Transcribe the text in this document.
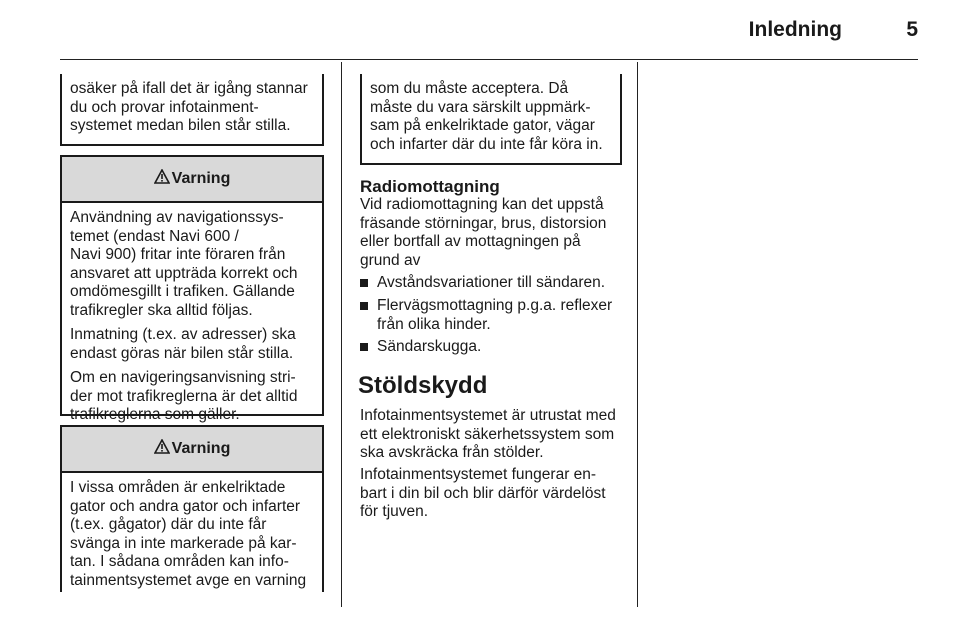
Inledning	5

osäker på ifall det är igång stannar
du och provar infotainment-
systemet medan bilen står stilla.

Varning

Användning av navigationssys-
temet (endast Navi 600 /
Navi 900) fritar inte föraren från
ansvaret att uppträda korrekt och
omdömesgillt i trafiken. Gällande
trafikregler ska alltid följas.

Inmatning (t.ex. av adresser) ska
endast göras när bilen står stilla.

Om en navigeringsanvisning stri-
der mot trafikreglerna är det alltid
trafikreglerna som gäller.

Varning

I vissa områden är enkelriktade
gator och andra gator och infarter
(t.ex. gågator) där du inte får
svänga in inte markerade på kar-
tan. I sådana områden kan info-
tainmentsystemet avge en varning

som du måste acceptera. Då
måste du vara särskilt uppmärk-
sam på enkelriktade gator, vägar
och infarter där du inte får köra in.

Radiomottagning

Vid radiomottagning kan det uppstå
fräsande störningar, brus, distorsion
eller bortfall av mottagningen på
grund av

Avståndsvariationer till sändaren.

Flervägsmottagning p.g.a. reflexer
från olika hinder.

Sändarskugga.

Stöldskydd

Infotainmentsystemet är utrustat med
ett elektroniskt säkerhetssystem som
ska avskräcka från stölder.

Infotainmentsystemet fungerar en-
bart i din bil och blir därför värdelöst
för tjuven.
